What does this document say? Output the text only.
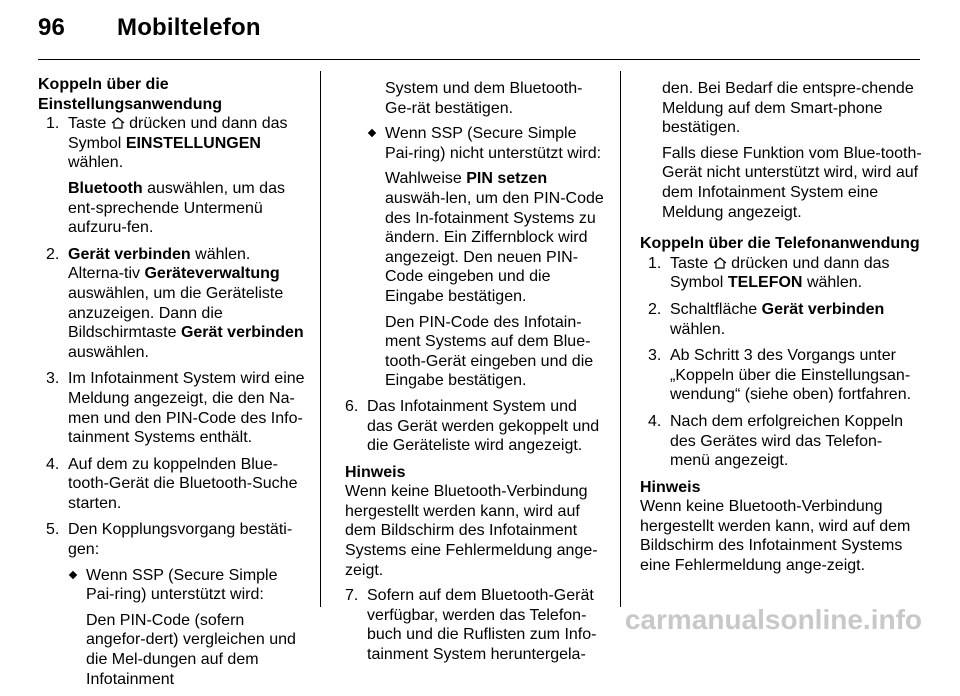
96 Mobiltelefon
Koppeln über die
Einstellungsanwendung
1. Taste drücken und dann das Symbol EINSTELLUNGEN wählen.

Bluetooth auswählen, um das ent-sprechende Untermenü aufzuru-fen.

2. Gerät verbinden wählen. Alterna-tiv Geräteverwaltung auswählen, um die Geräteliste anzuzeigen. Dann die Bildschirmtaste Gerät verbinden auswählen.

3. Im Infotainment System wird eine Meldung angezeigt, die den Na-men und den PIN-Code des Info-tainment Systems enthält.

4. Auf dem zu koppelnden Blue-tooth-Gerät die Bluetooth-Suche starten.

5. Den Kopplungsvorgang bestäti-gen:

Wenn SSP (Secure Simple Pai-ring) unterstützt wird:

Den PIN-Code (sofern angefor-dert) vergleichen und die Mel-dungen auf dem Infotainment

System und dem Bluetooth-Ge-rät bestätigen.

Wenn SSP (Secure Simple Pai-ring) nicht unterstützt wird:

Wahlweise PIN setzen auswäh-len, um den PIN-Code des In-fotainment Systems zu ändern. Ein Ziffernblock wird angezeigt. Den neuen PIN-Code eingeben und die Eingabe bestätigen.

Den PIN-Code des Infotain-ment Systems auf dem Blue-tooth-Gerät eingeben und die Eingabe bestätigen.

6. Das Infotainment System und das Gerät werden gekoppelt und die Geräteliste wird angezeigt.

Hinweis

Wenn keine Bluetooth-Verbindung hergestellt werden kann, wird auf dem Bildschirm des Infotainment Systems eine Fehlermeldung ange-zeigt.

7. Sofern auf dem Bluetooth-Gerät verfügbar, werden das Telefon-buch und die Ruflisten zum Info-tainment System heruntergela-

den. Bei Bedarf die entspre-chende Meldung auf dem Smart-phone bestätigen.

Falls diese Funktion vom Blue-tooth-Gerät nicht unterstützt wird, wird auf dem Infotainment System eine Meldung angezeigt.

Koppeln über die Telefonanwendung
1. Taste drücken und dann das Symbol TELEFON wählen.

2. Schaltfläche Gerät verbinden wählen.

3. Ab Schritt 3 des Vorgangs unter „Koppeln über die Einstellungsan-wendung“ (siehe oben) fortfahren.

4. Nach dem erfolgreichen Koppeln des Gerätes wird das Telefon-menü angezeigt.

Hinweis

Wenn keine Bluetooth-Verbindung hergestellt werden kann, wird auf dem Bildschirm des Infotainment Systems eine Fehlermeldung ange-zeigt.

carmanualsonline.info
